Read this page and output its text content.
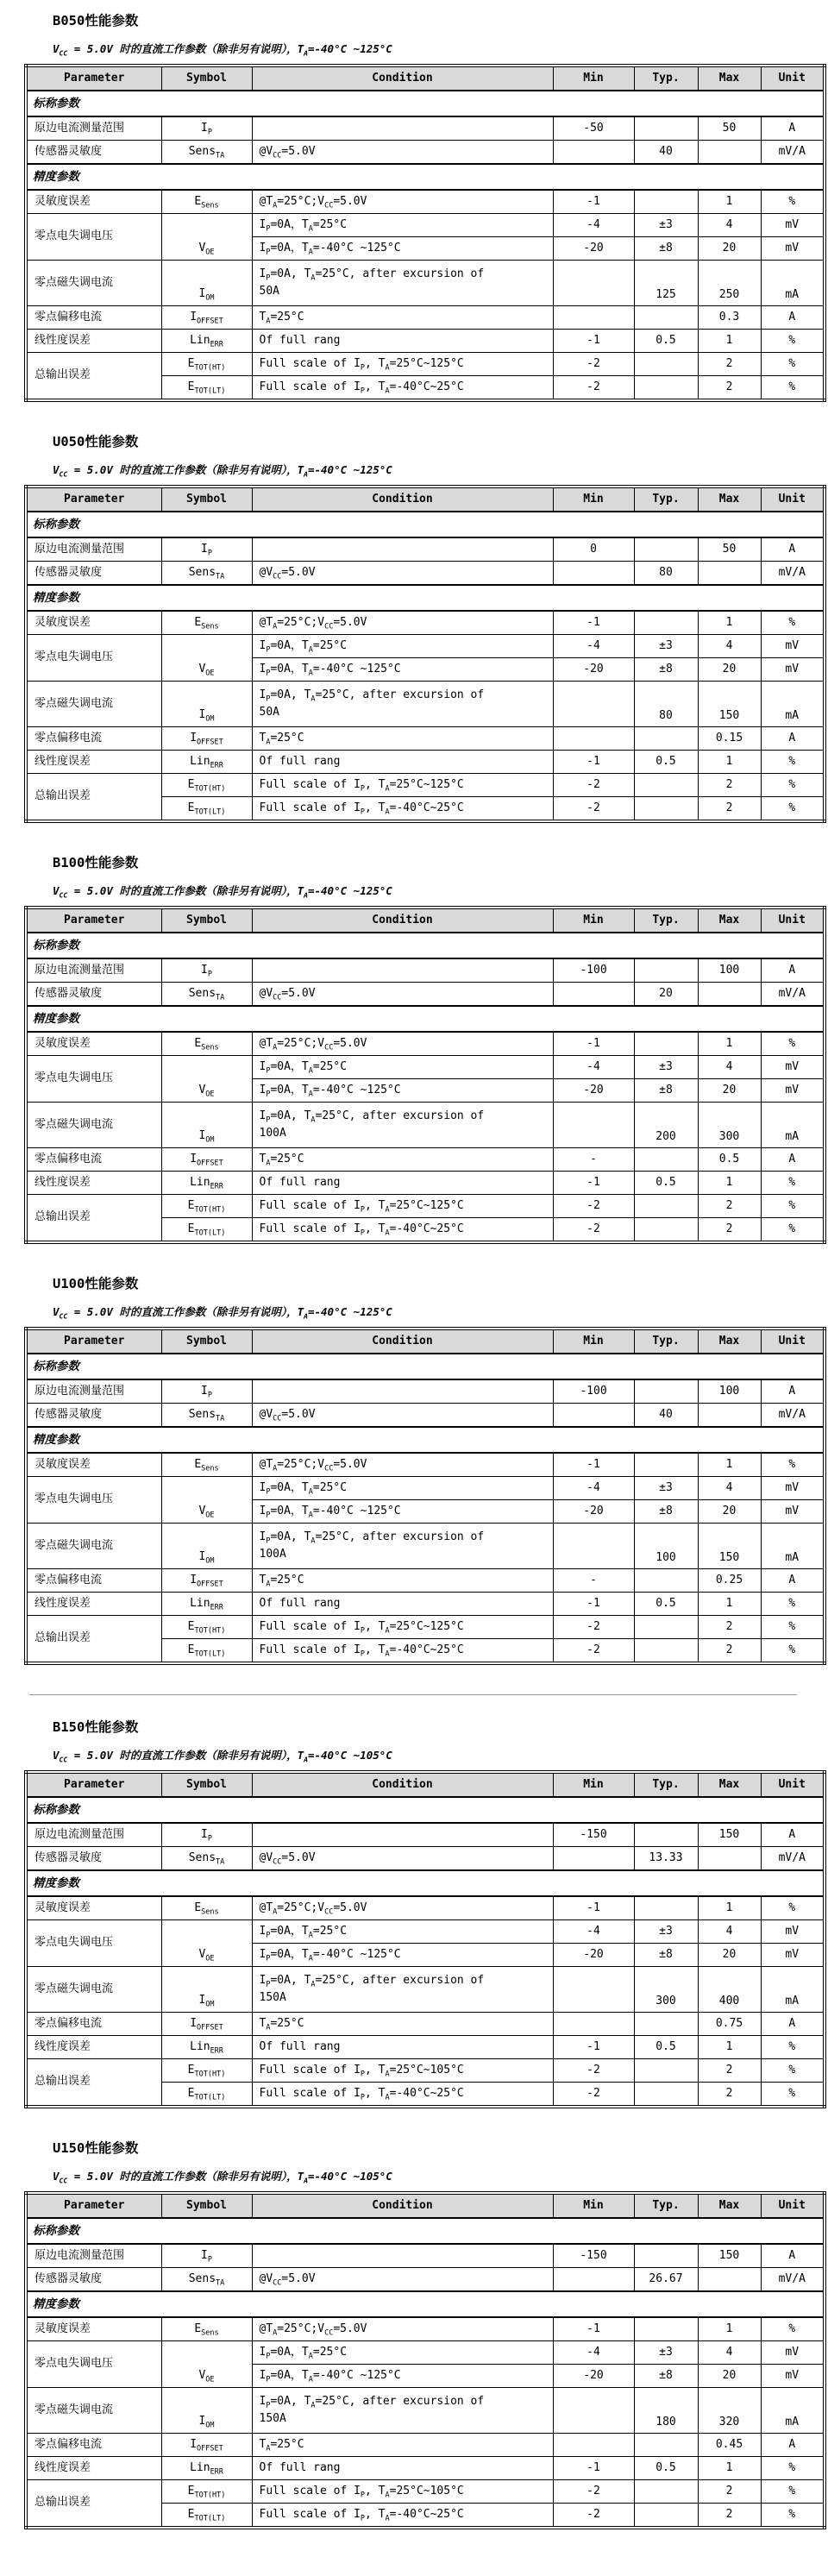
B050性能参数
$V_{CC} = 5.0V$ 时的直流工作参数（除非另有说明），$T_A=-40^\circ C$ ~125°C
Parameter	Symbol	Condition	Min	Typ.	Max	Unit
标称参数						
原边电流测量范围	$I_P$		-50		50	A
传感器灵敏度	Sens$_{TA}$	$@V_{CC}=5.0V$		40		mV/A
精度参数						
灵敏度误差	$E_{Sens}$	$@T_A=25^\circ C;V_{CC}=5.0V$	-1		1	%
零点电失调电压	$V_{OE}$	$I_P=0A$，$T_A=25^\circ C$	-4	±3	4	mV
		$I_P=0A$，$T_A=-40^\circ C$ ~125°C	-20	±8	20	mV
零点磁失调电流	$I_{OM}$	$I_P=0A$, $T_A=25^\circ C$, after excursion of
50A		125	250	mA
零点偏移电流	$I_{OFFSET}$	$T_A=25^\circ C$			0.3	A
线性度误差	Lin$_{ERR}$	Of full rang	-1	0.5	1	%
总输出误差	$E_{TOT(HT)}$	Full scale of $I_P$, $T_A=25^\circ C\sim 125^\circ C$	-2		2	%
	$E_{TOT(LT)}$	Full scale of $I_P$, $T_A=-40^\circ C\sim 25^\circ C$	-2		2	%
U050性能参数
$V_{CC} = 5.0V$ 时的直流工作参数（除非另有说明），$T_A=-40^\circ C$ ~125°C
Parameter	Symbol	Condition	Min	Typ.	Max	Unit
标称参数						
原边电流测量范围	$I_P$		0		50	A
传感器灵敏度	Sens$_{TA}$	$@V_{CC}=5.0V$		80		mV/A
精度参数						
灵敏度误差	$E_{Sens}$	$@T_A=25^\circ C;V_{CC}=5.0V$	-1		1	%
零点电失调电压	$V_{OE}$	$I_P=0A$，$T_A=25^\circ C$	-4	±3	4	mV
		$I_P=0A$，$T_A=-40^\circ C$ ~125°C	-20	±8	20	mV
零点磁失调电流	$I_{OM}$	$I_P=0A$, $T_A=25^\circ C$, after excursion of
50A		80	150	mA
零点偏移电流	$I_{OFFSET}$	$T_A=25^\circ C$			0.15	A
线性度误差	Lin$_{ERR}$	Of full rang	-1	0.5	1	%
总输出误差	$E_{TOT(HT)}$	Full scale of $I_P$, $T_A=25^\circ C\sim 125^\circ C$	-2		2	%
	$E_{TOT(LT)}$	Full scale of $I_P$, $T_A=-40^\circ C\sim 25^\circ C$	-2		2	%
B100性能参数
$V_{CC} = 5.0V$ 时的直流工作参数（除非另有说明），$T_A=-40^\circ C$ ~125°C
Parameter	Symbol	Condition	Min	Typ.	Max	Unit
标称参数						
原边电流测量范围	$I_P$		-100		100	A
传感器灵敏度	Sens$_{TA}$	$@V_{CC}=5.0V$		20		mV/A
精度参数						
灵敏度误差	$E_{Sens}$	$@T_A=25^\circ C;V_{CC}=5.0V$	-1		1	%
零点电失调电压	$V_{OE}$	$I_P=0A$，$T_A=25^\circ C$	-4	±3	4	mV
		$I_P=0A$，$T_A=-40^\circ C$ ~125°C	-20	±8	20	mV
零点磁失调电流	$I_{OM}$	$I_P=0A$, $T_A=25^\circ C$, after excursion of
100A		200	300	mA
零点偏移电流	$I_{OFFSET}$	$T_A=25^\circ C$	-		0.5	A
线性度误差	Lin$_{ERR}$	Of full rang	-1	0.5	1	%
总输出误差	$E_{TOT(HT)}$	Full scale of $I_P$, $T_A=25^\circ C\sim 125^\circ C$	-2		2	%
	$E_{TOT(LT)}$	Full scale of $I_P$, $T_A=-40^\circ C\sim 25^\circ C$	-2		2	%
U100性能参数
$V_{CC} = 5.0V$ 时的直流工作参数（除非另有说明），$T_A=-40^\circ C$ ~125°C
Parameter	Symbol	Condition	Min	Typ.	Max	Unit
标称参数						
原边电流测量范围	$I_P$		-100		100	A
传感器灵敏度	Sens$_{TA}$	$@V_{CC}=5.0V$		40		mV/A
精度参数						
灵敏度误差	$E_{Sens}$	$@T_A=25^\circ C;V_{CC}=5.0V$	-1		1	%
零点电失调电压	$V_{OE}$	$I_P=0A$，$T_A=25^\circ C$	-4	±3	4	mV
		$I_P=0A$，$T_A=-40^\circ C$ ~125°C	-20	±8	20	mV
零点磁失调电流	$I_{OM}$	$I_P=0A$, $T_A=25^\circ C$, after excursion of
100A		100	150	mA
零点偏移电流	$I_{OFFSET}$	$T_A=25^\circ C$	-		0.25	A
线性度误差	Lin$_{ERR}$	Of full rang	-1	0.5	1	%
总输出误差	$E_{TOT(HT)}$	Full scale of $I_P$, $T_A=25^\circ C\sim 125^\circ C$	-2		2	%
	$E_{TOT(LT)}$	Full scale of $I_P$, $T_A=-40^\circ C\sim 25^\circ C$	-2		2	%
B150性能参数
$V_{CC} = 5.0V$ 时的直流工作参数（除非另有说明），$T_A=-40^\circ C$ ~105°C
Parameter	Symbol	Condition	Min	Typ.	Max	Unit
标称参数						
原边电流测量范围	$I_P$		-150		150	A
传感器灵敏度	Sens$_{TA}$	$@V_{CC}=5.0V$		13.33		mV/A
精度参数						
灵敏度误差	$E_{Sens}$	$@T_A=25^\circ C;V_{CC}=5.0V$	-1		1	%
零点电失调电压	$V_{OE}$	$I_P=0A$，$T_A=25^\circ C$	-4	±3	4	mV
		$I_P=0A$，$T_A=-40^\circ C$ ~125°C	-20	±8	20	mV
零点磁失调电流	$I_{OM}$	$I_P=0A$, $T_A=25^\circ C$, after excursion of
150A		300	400	mA
零点偏移电流	$I_{OFFSET}$	$T_A=25^\circ C$			0.75	A
线性度误差	Lin$_{ERR}$	Of full rang	-1	0.5	1	%
总输出误差	$E_{TOT(HT)}$	Full scale of $I_P$, $T_A=25^\circ C\sim 105^\circ C$	-2		2	%
	$E_{TOT(LT)}$	Full scale of $I_P$, $T_A=-40^\circ C\sim 25^\circ C$	-2		2	%
U150性能参数
$V_{CC} = 5.0V$ 时的直流工作参数（除非另有说明），$T_A=-40^\circ C$ ~105°C
Parameter	Symbol	Condition	Min	Typ.	Max	Unit
标称参数						
原边电流测量范围	$I_P$		-150		150	A
传感器灵敏度	Sens$_{TA}$	$@V_{CC}=5.0V$		26.67		mV/A
精度参数						
灵敏度误差	$E_{Sens}$	$@T_A=25^\circ C;V_{CC}=5.0V$	-1		1	%
零点电失调电压	$V_{OE}$	$I_P=0A$，$T_A=25^\circ C$	-4	±3	4	mV
		$I_P=0A$，$T_A=-40^\circ C$ ~125°C	-20	±8	20	mV
零点磁失调电流	$I_{OM}$	$I_P=0A$, $T_A=25^\circ C$, after excursion of
150A		180	320	mA
零点偏移电流	$I_{OFFSET}$	$T_A=25^\circ C$			0.45	A
线性度误差	Lin$_{ERR}$	Of full rang	-1	0.5	1	%
总输出误差	$E_{TOT(HT)}$	Full scale of $I_P$, $T_A=25^\circ C\sim 105^\circ C$	-2		2	%
	$E_{TOT(LT)}$	Full scale of $I_P$, $T_A=-40^\circ C\sim 25^\circ C$	-2		2	%
